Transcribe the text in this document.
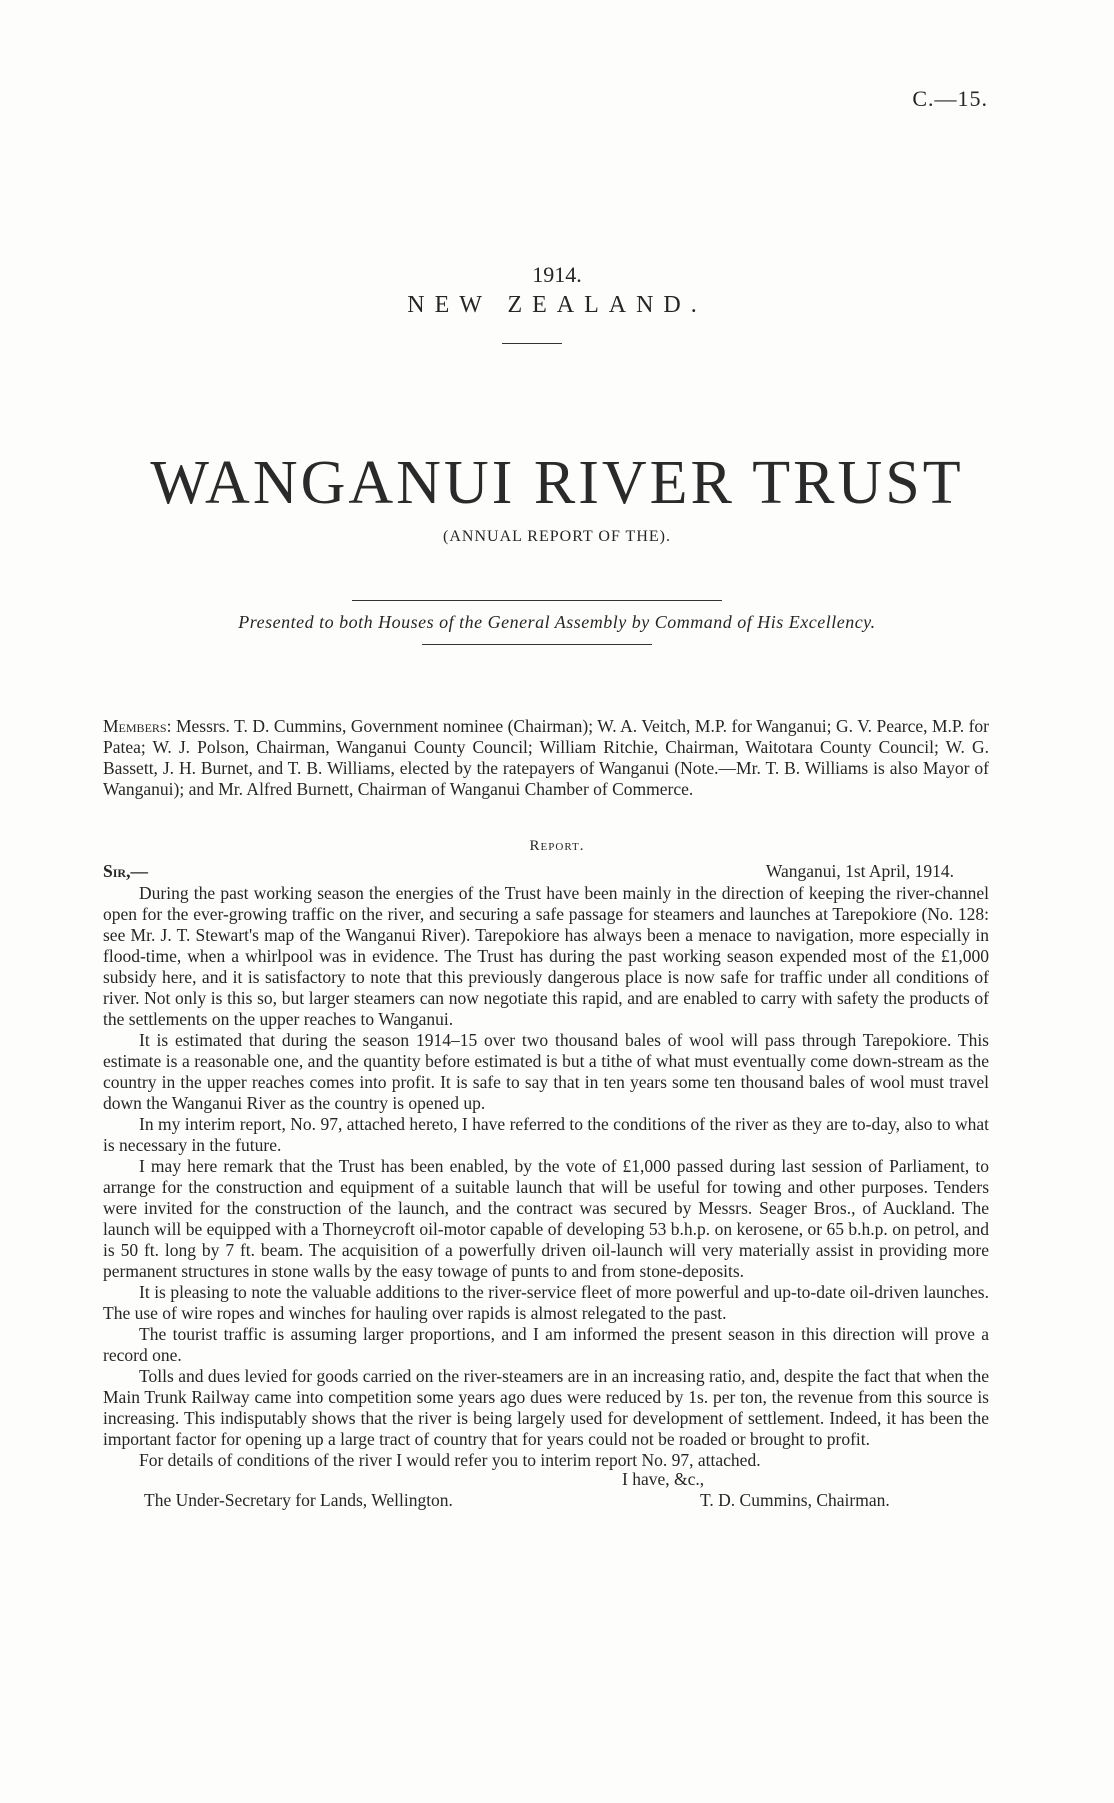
C.—15.
1914.
NEW ZEALAND.
WANGANUI RIVER TRUST
(ANNUAL REPORT OF THE).
Presented to both Houses of the General Assembly by Command of His Excellency.
Members: Messrs. T. D. Cummins, Government nominee (Chairman); W. A. Veitch, M.P. for Wanganui; G. V. Pearce, M.P. for Patea; W. J. Polson, Chairman, Wanganui County Council; William Ritchie, Chairman, Waitotara County Council; W. G. Bassett, J. H. Burnet, and T. B. Williams, elected by the ratepayers of Wanganui (Note.—Mr. T. B. Williams is also Mayor of Wanganui); and Mr. Alfred Burnett, Chairman of Wanganui Chamber of Commerce.
Report.
Sir,—	Wanganui, 1st April, 1914.

During the past working season the energies of the Trust have been mainly in the direction of keeping the river-channel open for the ever-growing traffic on the river, and securing a safe passage for steamers and launches at Tarepokiore (No. 128: see Mr. J. T. Stewart's map of the Wanganui River). Tarepokiore has always been a menace to navigation, more especially in flood-time, when a whirlpool was in evidence. The Trust has during the past working season expended most of the £1,000 subsidy here, and it is satisfactory to note that this previously dangerous place is now safe for traffic under all conditions of river. Not only is this so, but larger steamers can now negotiate this rapid, and are enabled to carry with safety the products of the settlements on the upper reaches to Wanganui.

It is estimated that during the season 1914–15 over two thousand bales of wool will pass through Tarepokiore. This estimate is a reasonable one, and the quantity before estimated is but a tithe of what must eventually come down-stream as the country in the upper reaches comes into profit. It is safe to say that in ten years some ten thousand bales of wool must travel down the Wanganui River as the country is opened up.

In my interim report, No. 97, attached hereto, I have referred to the conditions of the river as they are to-day, also to what is necessary in the future.

I may here remark that the Trust has been enabled, by the vote of £1,000 passed during last session of Parliament, to arrange for the construction and equipment of a suitable launch that will be useful for towing and other purposes. Tenders were invited for the construction of the launch, and the contract was secured by Messrs. Seager Bros., of Auckland. The launch will be equipped with a Thorneycroft oil-motor capable of developing 53 b.h.p. on kerosene, or 65 b.h.p. on petrol, and is 50 ft. long by 7 ft. beam. The acquisition of a powerfully driven oil-launch will very materially assist in providing more permanent structures in stone walls by the easy towage of punts to and from stone-deposits.

It is pleasing to note the valuable additions to the river-service fleet of more powerful and up-to-date oil-driven launches. The use of wire ropes and winches for hauling over rapids is almost relegated to the past.

The tourist traffic is assuming larger proportions, and I am informed the present season in this direction will prove a record one.

Tolls and dues levied for goods carried on the river-steamers are in an increasing ratio, and, despite the fact that when the Main Trunk Railway came into competition some years ago dues were reduced by 1s. per ton, the revenue from this source is increasing. This indisputably shows that the river is being largely used for development of settlement. Indeed, it has been the important factor for opening up a large tract of country that for years could not be roaded or brought to profit.

For details of conditions of the river I would refer you to interim report No. 97, attached.

I have, &c.,
The Under-Secretary for Lands, Wellington.	T. D. Cummins, Chairman.
